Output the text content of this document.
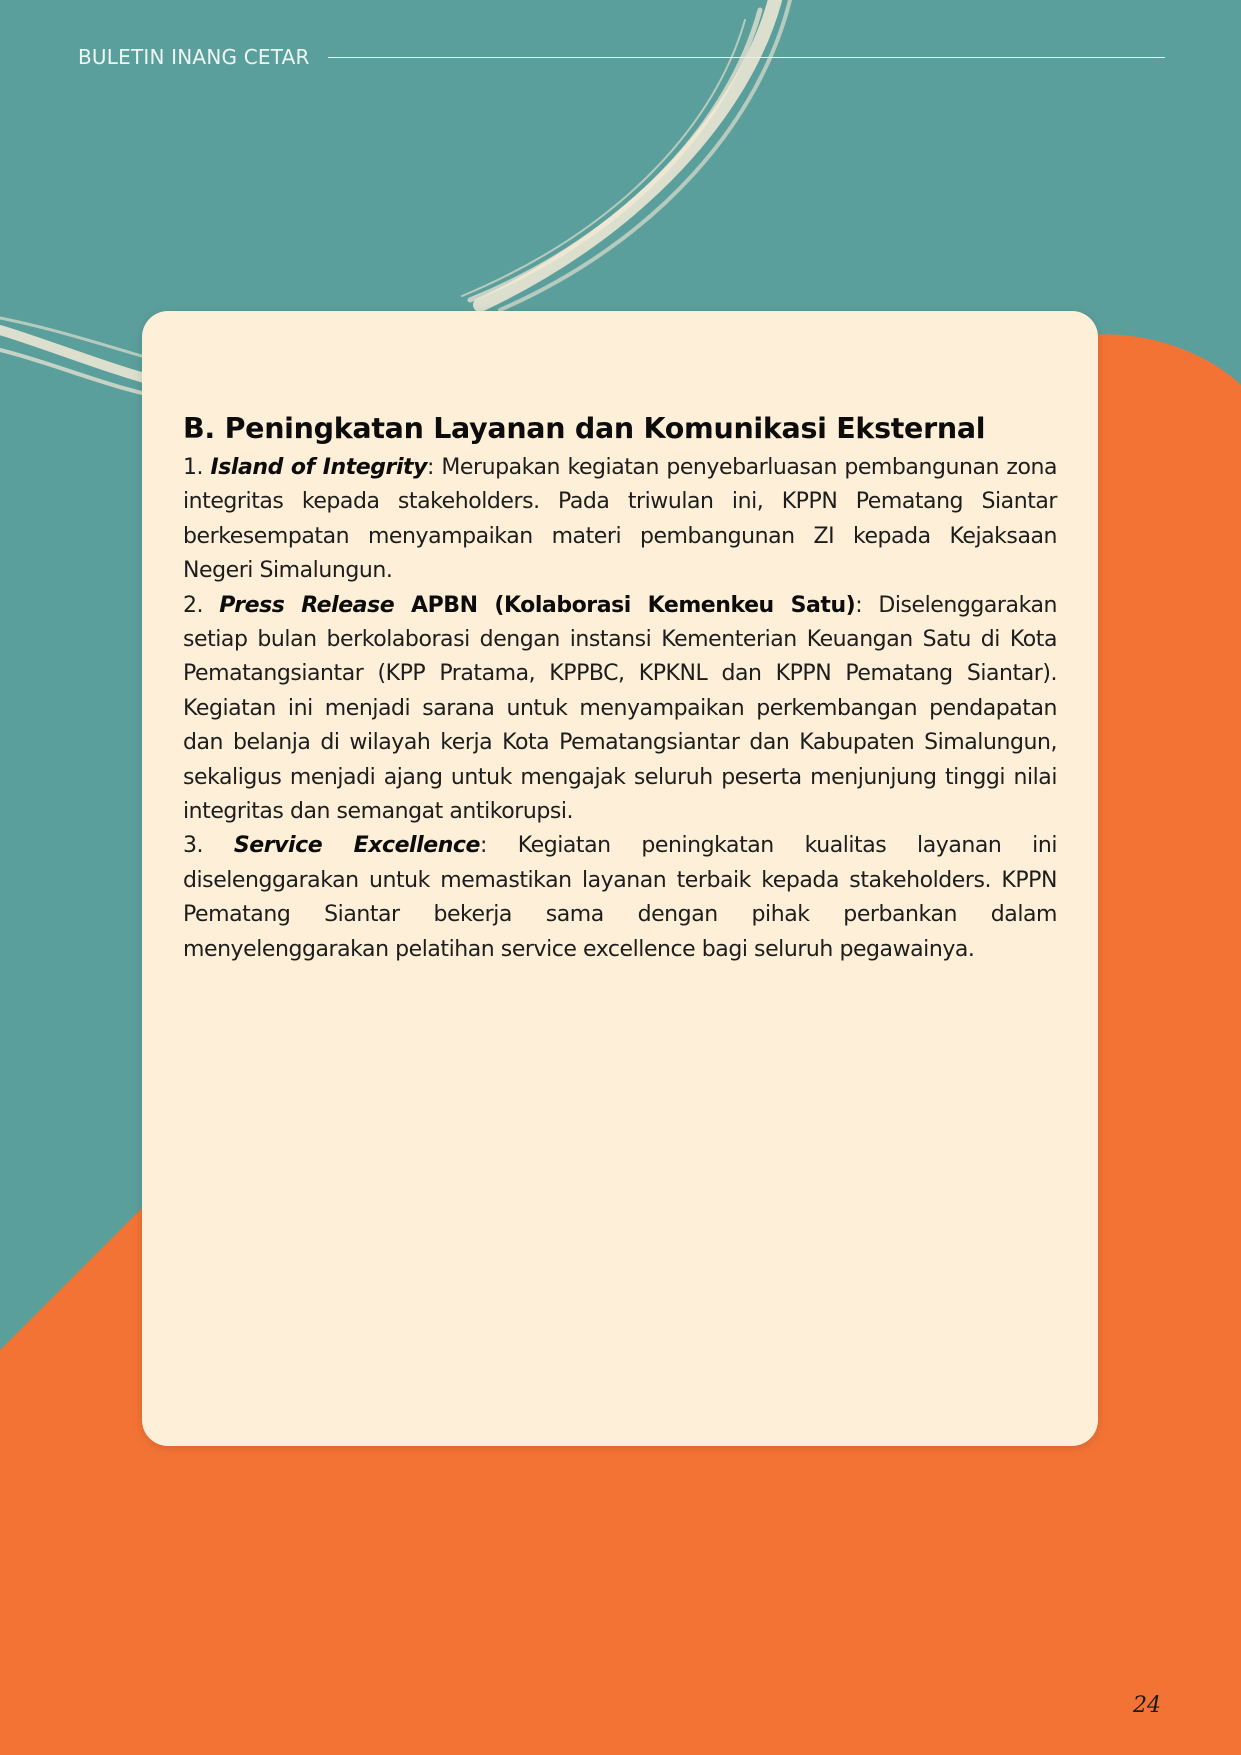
BULETIN INANG CETAR
B. Peningkatan Layanan dan Komunikasi Eksternal

1. Island of Integrity: Merupakan kegiatan penyebarluasan pembangunan zona integritas kepada stakeholders. Pada triwulan ini, KPPN Pematang Siantar berkesempatan menyampaikan materi pembangunan ZI kepada Kejaksaan Negeri Simalungun.

2. Press Release APBN (Kolaborasi Kemenkeu Satu): Diselenggarakan setiap bulan berkolaborasi dengan instansi Kementerian Keuangan Satu di Kota Pematangsiantar (KPP Pratama, KPPBC, KPKNL dan KPPN Pematang Siantar). Kegiatan ini menjadi sarana untuk menyampaikan perkembangan pendapatan dan belanja di wilayah kerja Kota Pematangsiantar dan Kabupaten Simalungun, sekaligus menjadi ajang untuk mengajak seluruh peserta menjunjung tinggi nilai integritas dan semangat antikorupsi.

3. Service Excellence: Kegiatan peningkatan kualitas layanan ini diselenggarakan untuk memastikan layanan terbaik kepada stakeholders. KPPN Pematang Siantar bekerja sama dengan pihak perbankan dalam menyelenggarakan pelatihan service excellence bagi seluruh pegawainya.

24
